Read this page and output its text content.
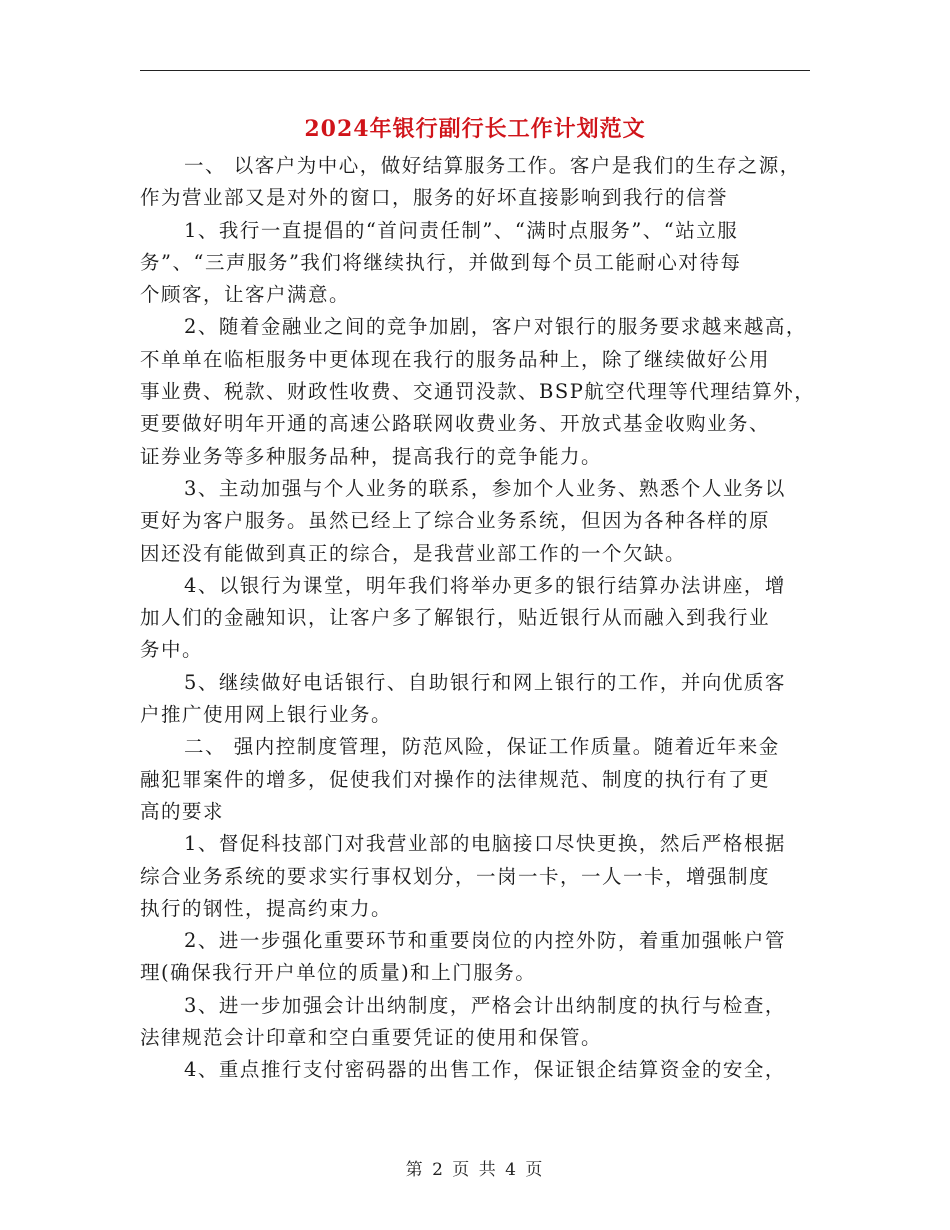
2024年银行副行长工作计划范文
一、 以客户为中心，做好结算服务工作。客户是我们的生存之源，
作为营业部又是对外的窗口，服务的好坏直接影响到我行的信誉
1、我行一直提倡的“首问责任制”、“满时点服务”、“站立服
务”、“三声服务”我们将继续执行，并做到每个员工能耐心对待每
个顾客，让客户满意。
2、随着金融业之间的竞争加剧，客户对银行的服务要求越来越高，
不单单在临柜服务中更体现在我行的服务品种上，除了继续做好公用
事业费、税款、财政性收费、交通罚没款、BSP航空代理等代理结算外，
更要做好明年开通的高速公路联网收费业务、开放式基金收购业务、
证券业务等多种服务品种，提高我行的竞争能力。
3、主动加强与个人业务的联系，参加个人业务、熟悉个人业务以
更好为客户服务。虽然已经上了综合业务系统，但因为各种各样的原
因还没有能做到真正的综合，是我营业部工作的一个欠缺。
4、以银行为课堂，明年我们将举办更多的银行结算办法讲座，增
加人们的金融知识，让客户多了解银行，贴近银行从而融入到我行业
务中。
5、继续做好电话银行、自助银行和网上银行的工作，并向优质客
户推广使用网上银行业务。
二、 强内控制度管理，防范风险，保证工作质量。随着近年来金
融犯罪案件的增多，促使我们对操作的法律规范、制度的执行有了更
高的要求
1、督促科技部门对我营业部的电脑接口尽快更换，然后严格根据
综合业务系统的要求实行事权划分，一岗一卡，一人一卡，增强制度
执行的钢性，提高约束力。
2、进一步强化重要环节和重要岗位的内控外防，着重加强帐户管
理(确保我行开户单位的质量)和上门服务。
3、进一步加强会计出纳制度，严格会计出纳制度的执行与检查，
法律规范会计印章和空白重要凭证的使用和保管。
4、重点推行支付密码器的出售工作，保证银企结算资金的安全，
第 2 页 共 4 页
